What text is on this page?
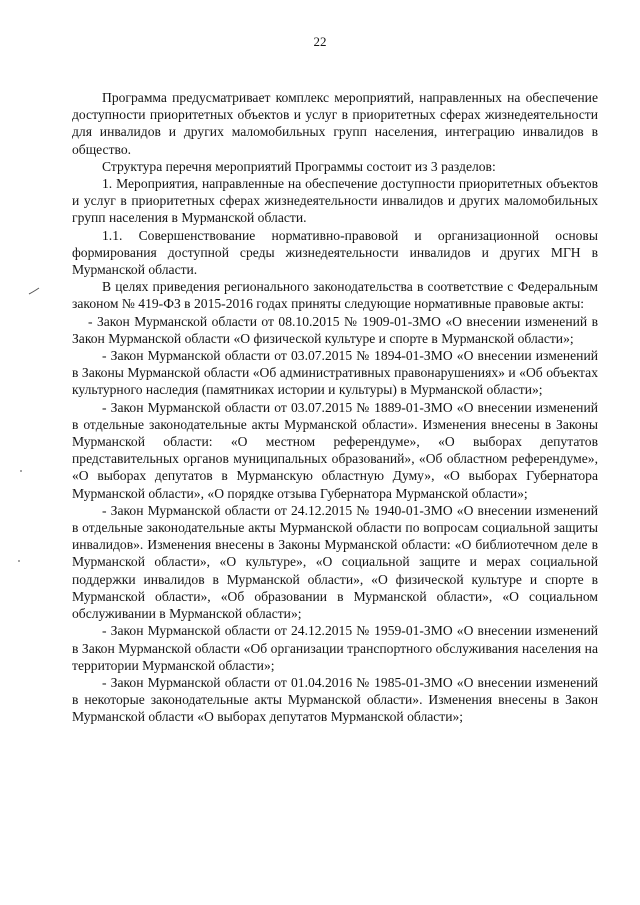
22

Программа предусматривает комплекс мероприятий, направленных на обеспечение доступности приоритетных объектов и услуг в приоритетных сферах жизнедеятельности для инвалидов и других маломобильных групп населения, интеграцию инвалидов в общество.

Структура перечня мероприятий Программы состоит из 3 разделов:

1. Мероприятия, направленные на обеспечение доступности приоритетных объектов и услуг в приоритетных сферах жизнедеятельности инвалидов и других маломобильных групп населения в Мурманской области.

1.1. Совершенствование нормативно-правовой и организационной основы формирования доступной среды жизнедеятельности инвалидов и других МГН в Мурманской области.

В целях приведения регионального законодательства в соответствие с Федеральным законом № 419-ФЗ в 2015-2016 годах приняты следующие нормативные правовые акты:

- Закон Мурманской области от 08.10.2015 № 1909-01-ЗМО «О внесении изменений в Закон Мурманской области «О физической культуре и спорте в Мурманской области»;

- Закон Мурманской области от 03.07.2015 № 1894-01-ЗМО «О внесении изменений в Законы Мурманской области «Об административных правонарушениях» и «Об объектах культурного наследия (памятниках истории и культуры) в Мурманской области»;

- Закон Мурманской области от 03.07.2015 № 1889-01-ЗМО «О внесении изменений в отдельные законодательные акты Мурманской области». Изменения внесены в Законы Мурманской области: «О местном референдуме», «О выборах депутатов представительных органов муниципальных образований», «Об областном референдуме», «О выборах депутатов в Мурманскую областную Думу», «О выборах Губернатора Мурманской области», «О порядке отзыва Губернатора Мурманской области»;

- Закон Мурманской области от 24.12.2015 № 1940-01-ЗМО «О внесении изменений в отдельные законодательные акты Мурманской области по вопросам социальной защиты инвалидов». Изменения внесены в Законы Мурманской области: «О библиотечном деле в Мурманской области», «О культуре», «О социальной защите и мерах социальной поддержки инвалидов в Мурманской области», «О физической культуре и спорте в Мурманской области», «Об образовании в Мурманской области», «О социальном обслуживании в Мурманской области»;

- Закон Мурманской области от 24.12.2015 № 1959-01-ЗМО «О внесении изменений в Закон Мурманской области «Об организации транспортного обслуживания населения на территории Мурманской области»;

- Закон Мурманской области от 01.04.2016 № 1985-01-ЗМО «О внесении изменений в некоторые законодательные акты Мурманской области». Изменения внесены в Закон Мурманской области «О выборах депутатов Мурманской области»;
